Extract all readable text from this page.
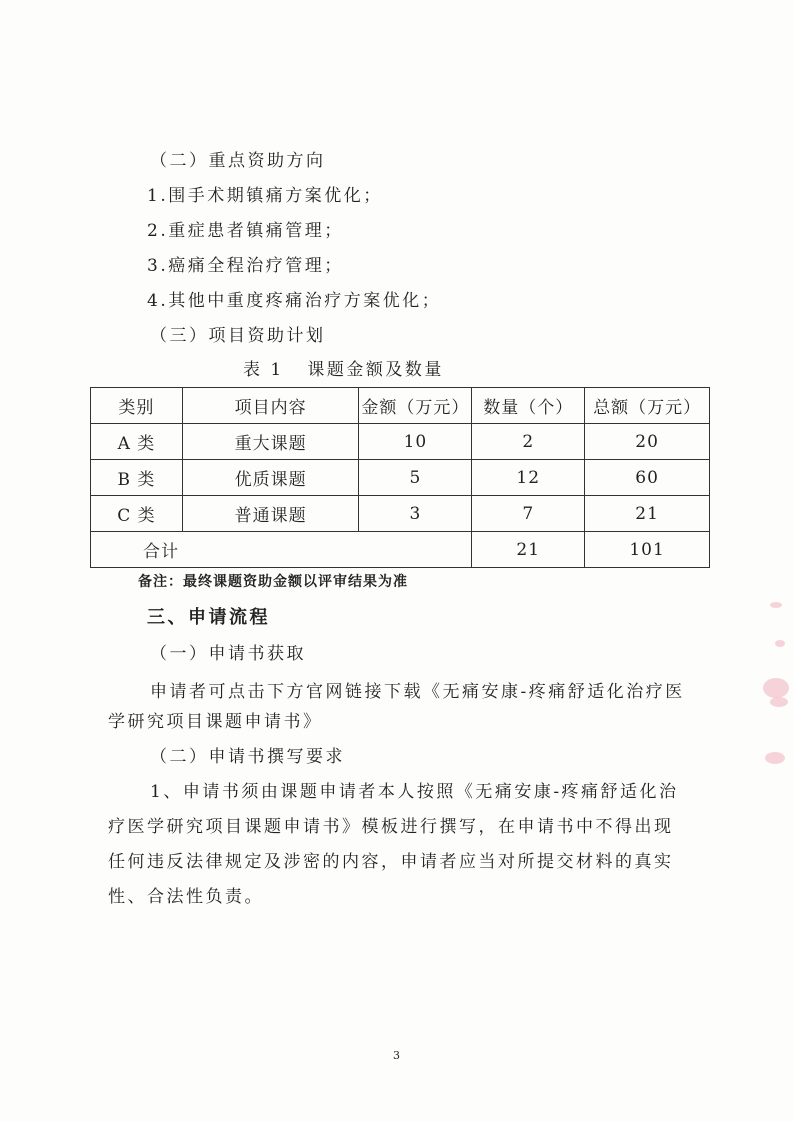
（二）重点资助方向
1.围手术期镇痛方案优化；
2.重症患者镇痛管理；
3.癌痛全程治疗管理；
4.其他中重度疼痛治疗方案优化；
（三）项目资助计划
表 1   课题金额及数量
类别	项目内容	金额（万元）	数量（个）	总额（万元）
A 类	重大课题	10	2	20
B 类	优质课题	5	12	60
C 类	普通课题	3	7	21
合计			21	101
备注：最终课题资助金额以评审结果为准
三、申请流程
（一）申请书获取
申请者可点击下方官网链接下载《无痛安康-疼痛舒适化治疗医
学研究项目课题申请书》
（二）申请书撰写要求
1、申请书须由课题申请者本人按照《无痛安康-疼痛舒适化治
疗医学研究项目课题申请书》模板进行撰写，在申请书中不得出现
任何违反法律规定及涉密的内容，申请者应当对所提交材料的真实
性、合法性负责。
3
